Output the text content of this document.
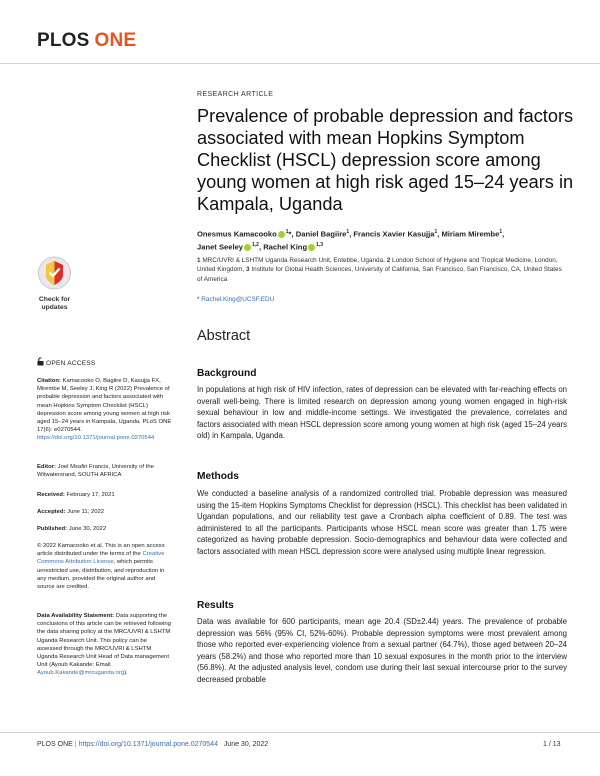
PLOS ONE
RESEARCH ARTICLE
Prevalence of probable depression and factors associated with mean Hopkins Symptom Checklist (HSCL) depression score among young women at high risk aged 15–24 years in Kampala, Uganda
Onesmus Kamacooko $^1$*, Daniel Bagiire$^1$, Francis Xavier Kasujja$^1$, Miriam Mirembe$^1$,
Janet Seeley $^{1,2}$, Rachel King $^{1,3}$
1 MRC/UVRI & LSHTM Uganda Research Unit, Entebbe, Uganda, 2 London School of Hygiene and Tropical Medicine, London, United Kingdom, 3 Institute for Global Health Sciences, University of California, San Francisco, San Francisco, CA, United States of America
* Rachel.King@UCSF.EDU
Abstract
Background
In populations at high risk of HIV infection, rates of depression can be elevated with far-reaching effects on overall well-being. There is limited research on depression among young women engaged in high-risk sexual behaviour in low and middle-income settings. We investigated the prevalence, correlates and factors associated with mean HSCL depression score among young women at high risk (aged 15–24 years old) in Kampala, Uganda.
Methods
We conducted a baseline analysis of a randomized controlled trial. Probable depression was measured using the 15-item Hopkins Symptoms Checklist for depression (HSCL). This checklist has been validated in Ugandan populations, and our reliability test gave a Cronbach alpha coefficient of 0.89. The test was administered to all the participants. Participants whose HSCL mean score was greater than 1.75 were categorized as having probable depression. Socio-demographics and behaviour data were collected and factors associated with mean HSCL depression score were analysed using multiple linear regression.
Results
Data was available for 600 participants, mean age 20.4 (SD±2.44) years. The prevalence of probable depression was 56% (95% CI, 52%-60%). Probable depression symptoms were most prevalent among those who reported ever-experiencing violence from a sexual partner (64.7%), those aged between 20–24 years (58.2%) and those who reported more than 10 sexual exposures in the month prior to the interview (56.8%). At the adjusted analysis level, condom use during their last sexual intercourse prior to the survey decreased probable
Check for
updates
OPEN ACCESS
Citation: Kamacooko O, Bagiire D, Kasujja FX, Mirembe M, Seeley J, King R (2022) Prevalence of probable depression and factors associated with mean Hopkins Symptom Checklist (HSCL) depression score among young women at high risk aged 15–24 years in Kampala, Uganda. PLoS ONE 17(6): e0270544. https://doi.org/10.1371/journal.pone.0270544
Editor: Joel Msafiri Francis, University of the Witwatersrand, SOUTH AFRICA
Received: February 17, 2021
Accepted: June 11, 2022
Published: June 30, 2022
© 2022 Kamacooko et al. This is an open access article distributed under the terms of the Creative Commons Attribution License, which permits unrestricted use, distribution, and reproduction in any medium, provided the original author and source are credited.
Data Availability Statement: Data supporting the conclusions of this article can be retrieved following the data sharing policy at the MRC/UVRI & LSHTM Uganda Research Unit. This policy can be assessed through the MRC/UVRI & LSHTM Uganda Research Unit Head of Data management Unit (Ayoub Kakande: Email Ayoub.Kakande@mrcuganda.org).
PLOS ONE | https://doi.org/10.1371/journal.pone.0270544 June 30, 2022	1 / 13
